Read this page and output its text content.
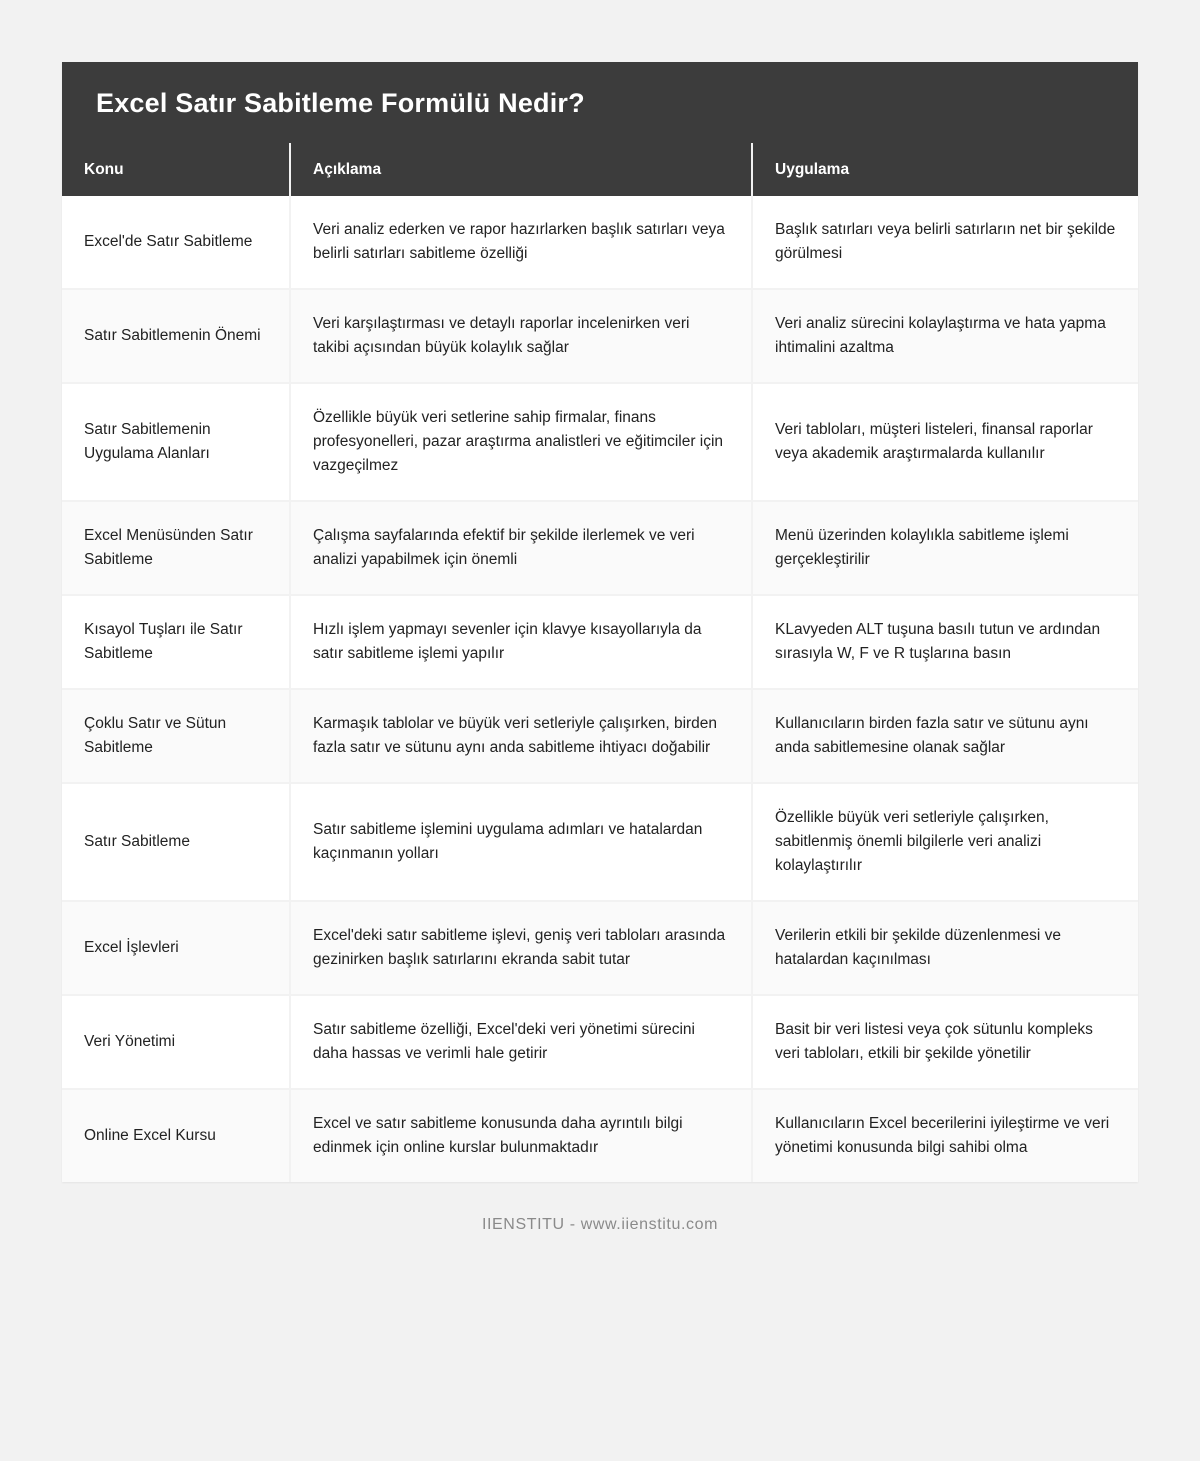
Excel Satır Sabitleme Formülü Nedir?
Konu	Açıklama	Uygulama
Excel'de Satır Sabitleme	Veri analiz ederken ve rapor hazırlarken başlık satırları veya belirli satırları sabitleme özelliği	Başlık satırları veya belirli satırların net bir şekilde görülmesi
Satır Sabitlemenin Önemi	Veri karşılaştırması ve detaylı raporlar incelenirken veri takibi açısından büyük kolaylık sağlar	Veri analiz sürecini kolaylaştırma ve hata yapma ihtimalini azaltma
Satır Sabitlemenin Uygulama Alanları	Özellikle büyük veri setlerine sahip firmalar, finans profesyonelleri, pazar araştırma analistleri ve eğitimciler için vazgeçilmez	Veri tabloları, müşteri listeleri, finansal raporlar veya akademik araştırmalarda kullanılır
Excel Menüsünden Satır Sabitleme	Çalışma sayfalarında efektif bir şekilde ilerlemek ve veri analizi yapabilmek için önemli	Menü üzerinden kolaylıkla sabitleme işlemi gerçekleştirilir
Kısayol Tuşları ile Satır Sabitleme	Hızlı işlem yapmayı sevenler için klavye kısayollarıyla da satır sabitleme işlemi yapılır	KLavyeden ALT tuşuna basılı tutun ve ardından sırasıyla W, F ve R tuşlarına basın
Çoklu Satır ve Sütun Sabitleme	Karmaşık tablolar ve büyük veri setleriyle çalışırken, birden fazla satır ve sütunu aynı anda sabitleme ihtiyacı doğabilir	Kullanıcıların birden fazla satır ve sütunu aynı anda sabitlemesine olanak sağlar
Satır Sabitleme	Satır sabitleme işlemini uygulama adımları ve hatalardan kaçınmanın yolları	Özellikle büyük veri setleriyle çalışırken, sabitlenmiş önemli bilgilerle veri analizi kolaylaştırılır
Excel İşlevleri	Excel'deki satır sabitleme işlevi, geniş veri tabloları arasında gezinirken başlık satırlarını ekranda sabit tutar	Verilerin etkili bir şekilde düzenlenmesi ve hatalardan kaçınılması
Veri Yönetimi	Satır sabitleme özelliği, Excel'deki veri yönetimi sürecini daha hassas ve verimli hale getirir	Basit bir veri listesi veya çok sütunlu kompleks veri tabloları, etkili bir şekilde yönetilir
Online Excel Kursu	Excel ve satır sabitleme konusunda daha ayrıntılı bilgi edinmek için online kurslar bulunmaktadır	Kullanıcıların Excel becerilerini iyileştirme ve veri yönetimi konusunda bilgi sahibi olma
IIENSTITU - www.iienstitu.com
